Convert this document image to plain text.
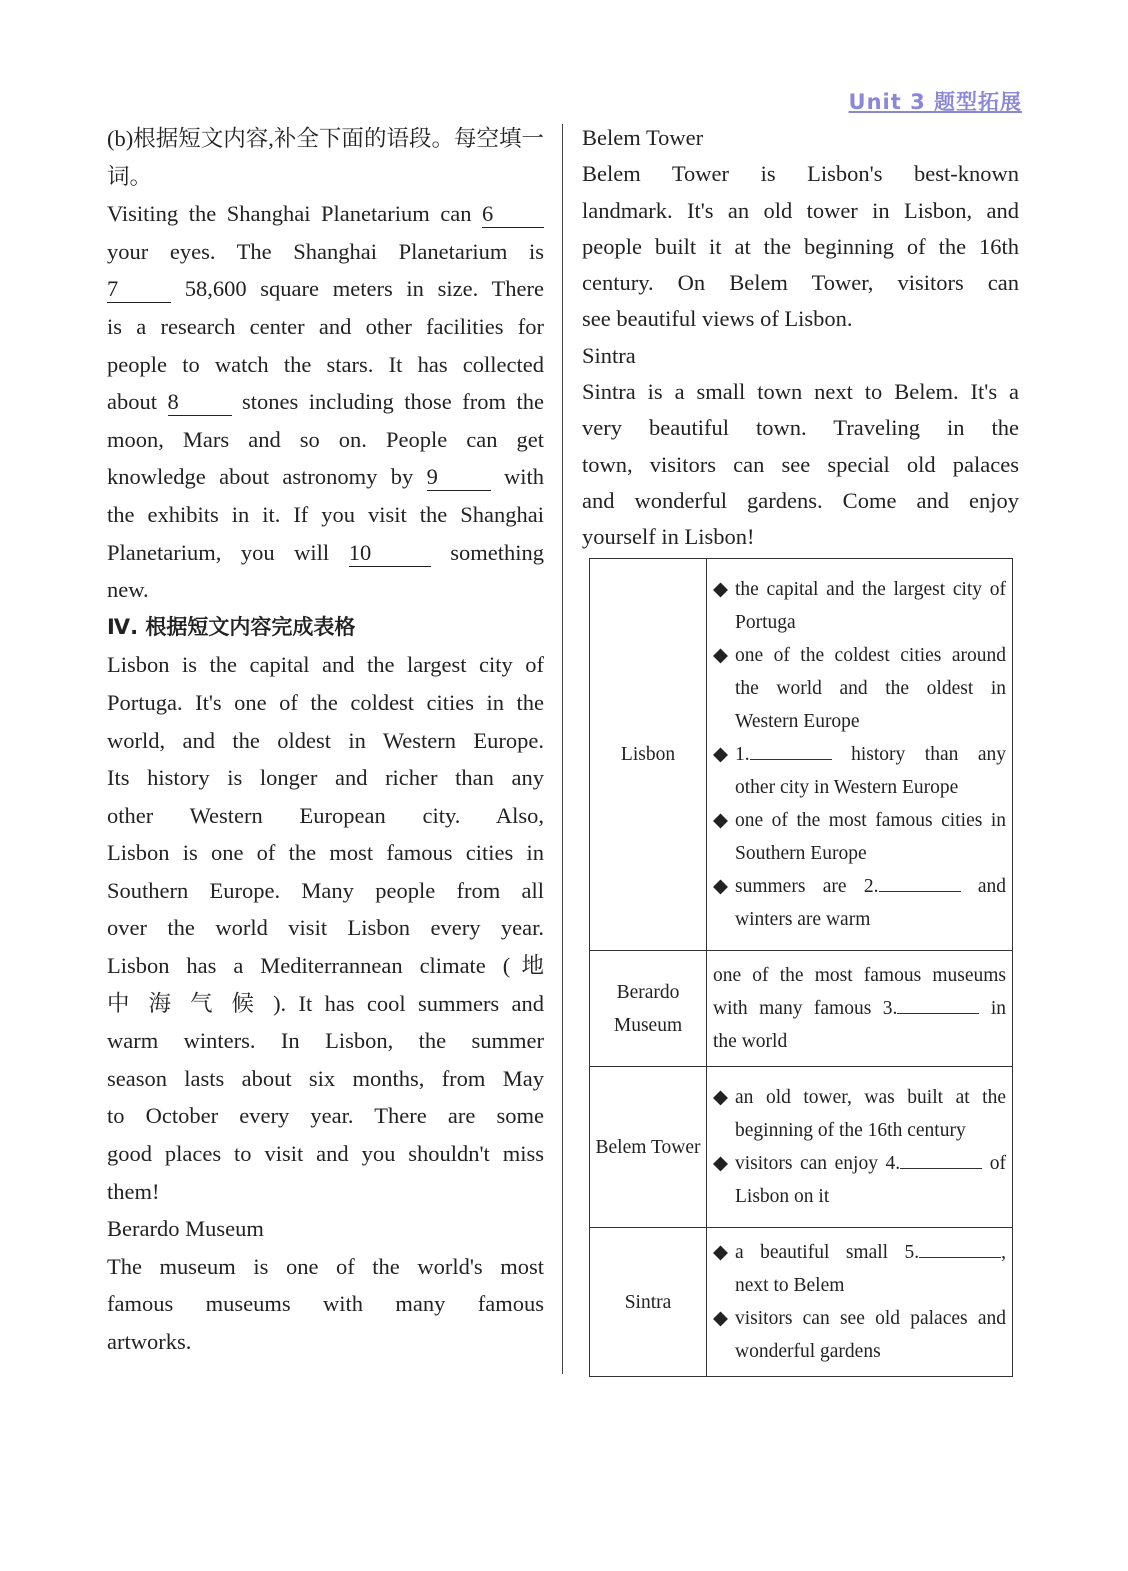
Unit 3 题型拓展

(b)根据短文内容,补全下面的语段。每空填一词。

Visiting the Shanghai Planetarium can 6
your eyes. The Shanghai Planetarium is
7 58,600 square meters in size. There
is a research center and other facilities for
people to watch the stars. It has collected
about 8 stones including those from the
moon, Mars and so on. People can get
knowledge about astronomy by 9 with
the exhibits in it. If you visit the Shanghai
Planetarium, you will 10	something
new.
Ⅳ. 根据短文内容完成表格
Lisbon is the capital and the largest city of
Portuga. It's one of the coldest cities in the
world, and the oldest in Western Europe.
Its history is longer and richer than any
other Western European city. Also,
Lisbon is one of the most famous cities in
Southern Europe. Many people from all
over the world visit Lisbon every year.
Lisbon has a Mediterrannean climate (地
中 海 气 候 ). It has cool summers and
warm winters. In Lisbon, the summer
season lasts about six months, from May
to October every year. There are some
good places to visit and you shouldn't miss
them!
Berardo Museum
The museum is one of the world's most
famous museums with many famous
artworks.
Belem Tower
Belem Tower is Lisbon's best-known
landmark. It's an old tower in Lisbon, and
people built it at the beginning of the 16th
century. On Belem Tower, visitors can
see beautiful views of Lisbon.
Sintra
Sintra is a small town next to Belem. It's a
very beautiful town. Traveling in the
town, visitors can see special old palaces
and wonderful gardens. Come and enjoy
yourself in Lisbon!
Lisbon	◆ the capital and the largest city of Portuga
◆ one of the coldest cities around the world and the oldest in Western Europe
◆ 1. history than any other city in Western Europe
◆ one of the most famous cities in Southern Europe
◆ summers are 2. and winters are warm

Berardo Museum	one of the most famous museums with many famous 3. in the world

Belem Tower	◆ an old tower, was built at the beginning of the 16th century
◆ visitors can enjoy 4. of Lisbon on it

Sintra	◆ a beautiful small 5. , next to Belem
◆ visitors can see old palaces and wonderful gardens
